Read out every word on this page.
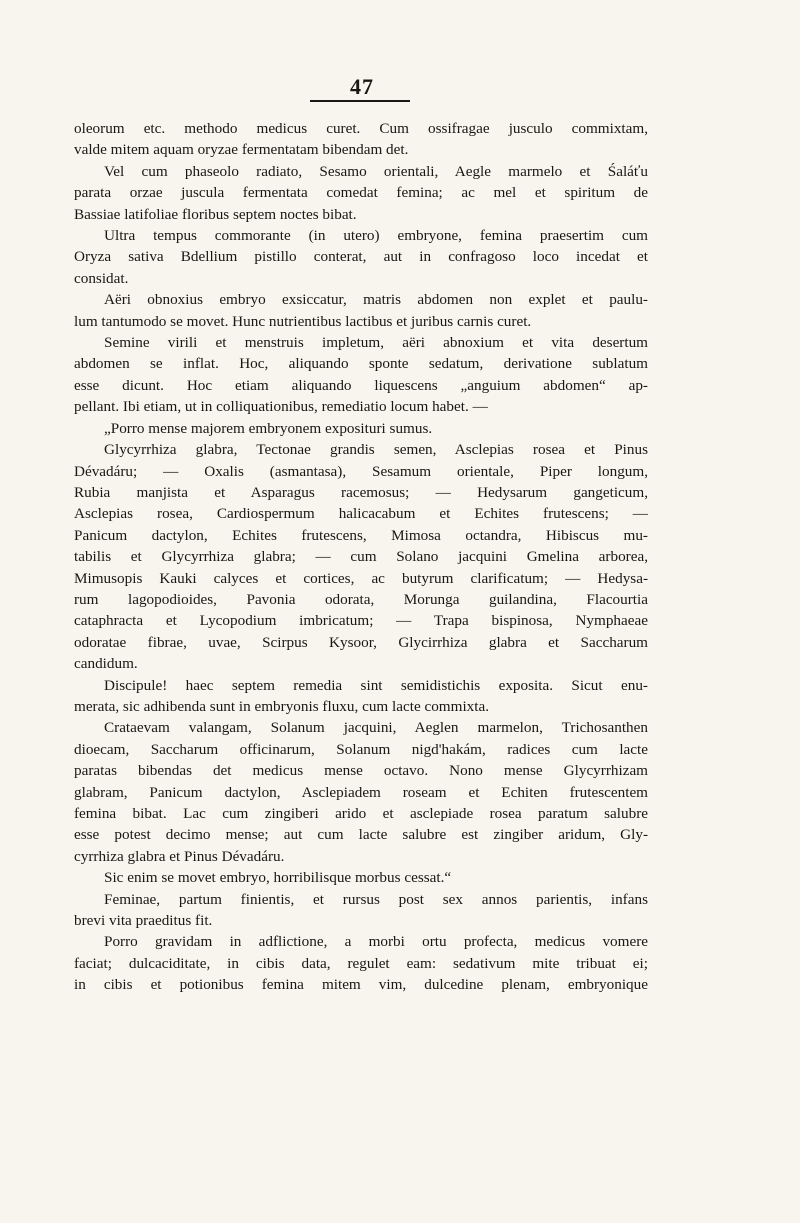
47
oleorum etc. methodo medicus curet. Cum ossifragae jusculo commixtam,
valde mitem aquam oryzae fermentatam bibendam det.
Vel cum phaseolo radiato, Sesamo orientali, Aegle marmelo et Śaláťu
parata orzae juscula fermentata comedat femina; ac mel et spiritum de
Bassiae latifoliae floribus septem noctes bibat.
Ultra tempus commorante (in utero) embryone, femina praesertim cum
Oryza sativa Bdellium pistillo conterat, aut in confragoso loco incedat et
considat.
Aëri obnoxius embryo exsiccatur, matris abdomen non explet et paulu-
lum tantumodo se movet. Hunc nutrientibus lactibus et juribus carnis curet.
Semine virili et menstruis impletum, aëri abnoxium et vita desertum
abdomen se inflat. Hoc, aliquando sponte sedatum, derivatione sublatum
esse dicunt. Hoc etiam aliquando liquescens „anguium abdomen“ ap-
pellant. Ibi etiam, ut in colliquationibus, remediatio locum habet. —
„Porro mense majorem embryonem expositurі sumus.
Glycyrrhiza glabra, Tectonae grandis semen, Asclepias rosea et Pinus
Dévadáru; — Oxalis (asmantasa), Sesamum orientale, Piper longum,
Rubia manjista et Asparagus racemosus; — Hedysarum gangeticum,
Asclepias rosea, Cardiospermum halicacabum et Echites frutescens; —
Panicum dactylon, Echites frutescens, Mimosa octandra, Hibiscus mu-
tabilis et Glycyrrhiza glabra; — cum Solano jacquini Gmelina arborea,
Mimusopis Kauki calyces et cortices, ac butyrum clarificatum; — Hedysa-
rum lagopodioides, Pavonia odorata, Morunga guilandina, Flacourtia
cataphracta et Lycopodium imbricatum; — Trapa bispinosa, Nymphaeae
odoratae fibrae, uvae, Scirpus Kysoor, Glycirrhiza glabra et Saccharum
candidum.
Discipule! haec septem remedia sint semidistichis exposita. Sicut enu-
merata, sic adhibenda sunt in embryonis fluxu, cum lacte commixta.
Crataevam valangam, Solanum jacquini, Aeglen marmelon, Trichosanthen
dioecam, Saccharum officinarum, Solanum nigd'hakám, radices cum lacte
paratas bibendas det medicus mense octavo. Nono mense Glycyrrhizam
glabram, Panicum dactylon, Asclepiadem roseam et Echiten frutescentem
femina bibat. Lac cum zingiberi arido et asclepiade rosea paratum salubre
esse potest decimo mense; aut cum lacte salubre est zingiber aridum, Gly-
cyrrhiza glabra et Pinus Dévadáru.
Sic enim se movet embryo, horribilisque morbus cessat.“
Feminae, partum finientis, et rursus post sex annos parientis, infans
brevi vita praeditus fit.
Porro gravidam in adflictione, a morbi ortu profecta, medicus vomere
faciat; dulcaciditate, in cibis data, regulet eam: sedativum mite tribuat ei;
in cibis et potionibus femina mitem vim, dulcedine plenam, embryonique
